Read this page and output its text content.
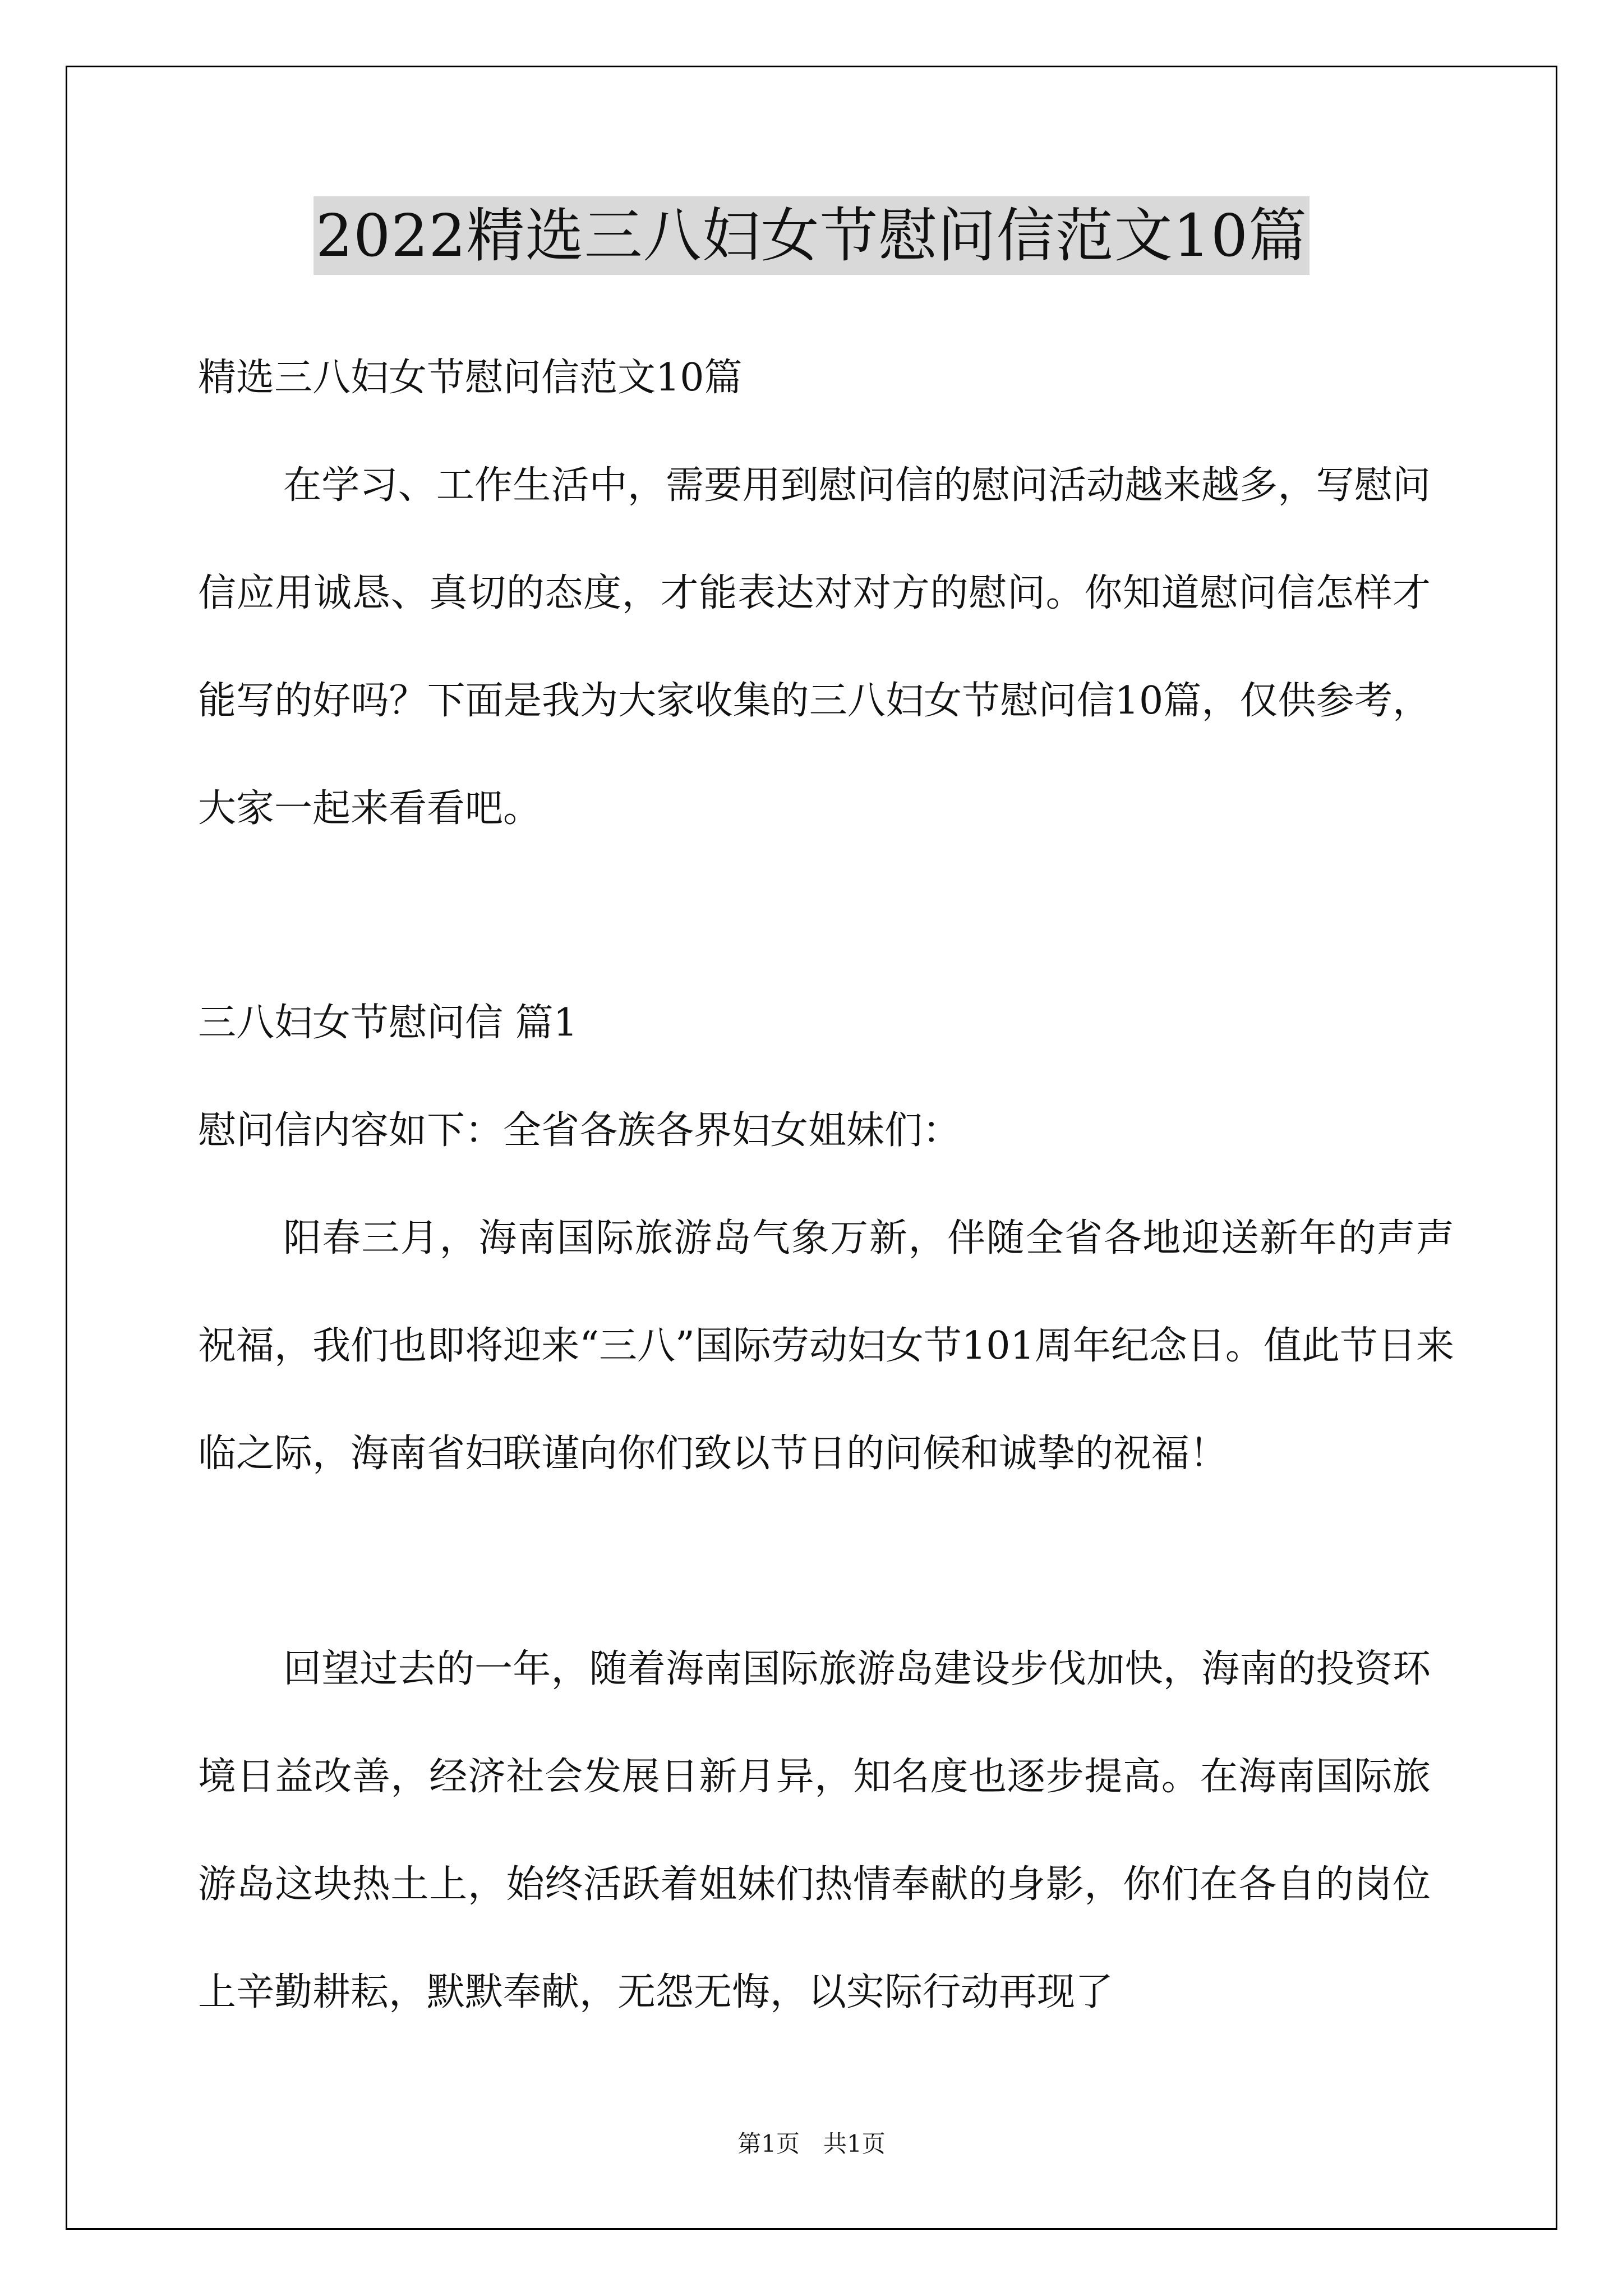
2022精选三八妇女节慰问信范文10篇

精选三八妇女节慰问信范文10篇

在学习、工作生活中，需要用到慰问信的慰问活动越来越多，写慰问信应用诚恳、真切的态度，才能表达对对方的慰问。你知道慰问信怎样才能写的好吗？下面是我为大家收集的三八妇女节慰问信10篇，仅供参考，大家一起来看看吧。

三八妇女节慰问信 篇1

慰问信内容如下：全省各族各界妇女姐妹们：

阳春三月，海南国际旅游岛气象万新，伴随全省各地迎送新年的声声祝福，我们也即将迎来“三八”国际劳动妇女节101周年纪念日。值此节日来临之际，海南省妇联谨向你们致以节日的问候和诚挚的祝福！

回望过去的一年，随着海南国际旅游岛建设步伐加快，海南的投资环境日益改善，经济社会发展日新月异，知名度也逐步提高。在海南国际旅游岛这块热土上，始终活跃着姐妹们热情奉献的身影，你们在各自的岗位上辛勤耕耘，默默奉献，无怨无悔，以实际行动再现了

第1页　共1页
